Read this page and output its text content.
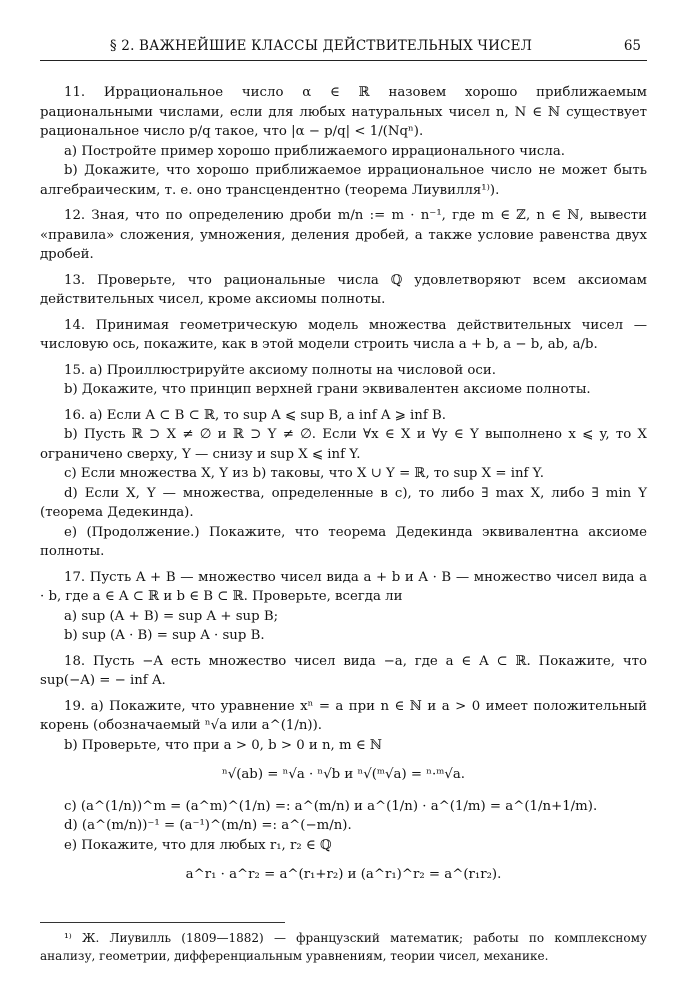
§ 2. ВАЖНЕЙШИЕ КЛАССЫ ДЕЙСТВИТЕЛЬНЫХ ЧИСЕЛ	65

11. Иррациональное число α ∈ ℝ назовем хорошо приближаемым рациональными числами, если для любых натуральных чисел n, N ∈ ℕ существует рациональное число p/q такое, что |α − p/q| < 1/(Nqⁿ).

a) Постройте пример хорошо приближаемого иррационального числа.

b) Докажите, что хорошо приближаемое иррациональное число не может быть алгебраическим, т. е. оно трансцендентно (теорема Лиувилля¹⁾).

12. Зная, что по определению дроби m/n := m · n⁻¹, где m ∈ ℤ, n ∈ ℕ, вывести «правила» сложения, умножения, деления дробей, а также условие равенства двух дробей.

13. Проверьте, что рациональные числа ℚ удовлетворяют всем аксиомам действительных чисел, кроме аксиомы полноты.

14. Принимая геометрическую модель множества действительных чисел — числовую ось, покажите, как в этой модели строить числа a + b, a − b, ab, a/b.

15. a) Проиллюстрируйте аксиому полноты на числовой оси.

b) Докажите, что принцип верхней грани эквивалентен аксиоме полноты.

16. a) Если A ⊂ B ⊂ ℝ, то sup A ⩽ sup B, a inf A ⩾ inf B.

b) Пусть ℝ ⊃ X ≠ ∅ и ℝ ⊃ Y ≠ ∅. Если ∀x ∈ X и ∀y ∈ Y выполнено x ⩽ y, то X ограничено сверху, Y — снизу и sup X ⩽ inf Y.

c) Если множества X, Y из b) таковы, что X ∪ Y = ℝ, то sup X = inf Y.

d) Если X, Y — множества, определенные в c), то либо ∃ max X, либо ∃ min Y (теорема Дедекинда).

e) (Продолжение.) Покажите, что теорема Дедекинда эквивалентна аксиоме полноты.

17. Пусть A + B — множество чисел вида a + b и A · B — множество чисел вида a · b, где a ∈ A ⊂ ℝ и b ∈ B ⊂ ℝ. Проверьте, всегда ли

a) sup (A + B) = sup A + sup B;

b) sup (A · B) = sup A · sup B.

18. Пусть −A есть множество чисел вида −a, где a ∈ A ⊂ ℝ. Покажите, что sup(−A) = − inf A.

19. a) Покажите, что уравнение xⁿ = a при n ∈ ℕ и a > 0 имеет положительный корень (обозначаемый ⁿ√a или a^(1/n)).

b) Проверьте, что при a > 0, b > 0 и n, m ∈ ℕ

ⁿ√(ab) = ⁿ√a · ⁿ√b и ⁿ√(ᵐ√a) = ⁿ·ᵐ√a.

c) (a^(1/n))^m = (a^m)^(1/n) =: a^(m/n) и a^(1/n) · a^(1/m) = a^(1/n+1/m).

d) (a^(m/n))⁻¹ = (a⁻¹)^(m/n) =: a^(−m/n).

e) Покажите, что для любых r₁, r₂ ∈ ℚ

a^r₁ · a^r₂ = a^(r₁+r₂) и (a^r₁)^r₂ = a^(r₁r₂).

¹⁾ Ж. Лиувилль (1809—1882) — французский математик; работы по комплексному анализу, геометрии, дифференциальным уравнениям, теории чисел, механике.
